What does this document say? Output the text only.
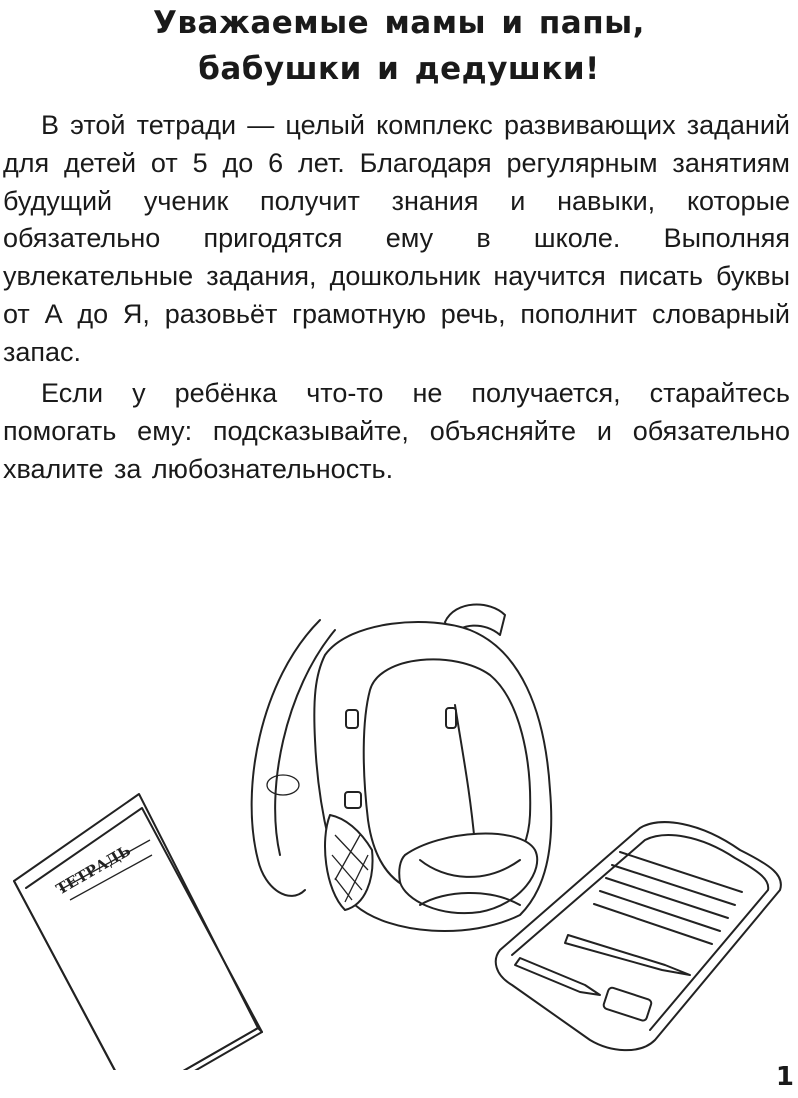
Уважаемые мамы и папы,
бабушки и дедушки!
В этой тетради — целый комплекс развивающих заданий для детей от 5 до 6 лет. Благодаря регулярным занятиям будущий ученик получит знания и навыки, которые обязательно пригодятся ему в школе. Выполняя увлекательные задания, дошкольник научится писать буквы от А до Я, разовьёт грамотную речь, пополнит словарный запас.
Если у ребёнка что-то не получается, старайтесь помогать ему: подсказывайте, объясняйте и обязательно хвалите за любознательность.
ТЕТРАДЬ
1
